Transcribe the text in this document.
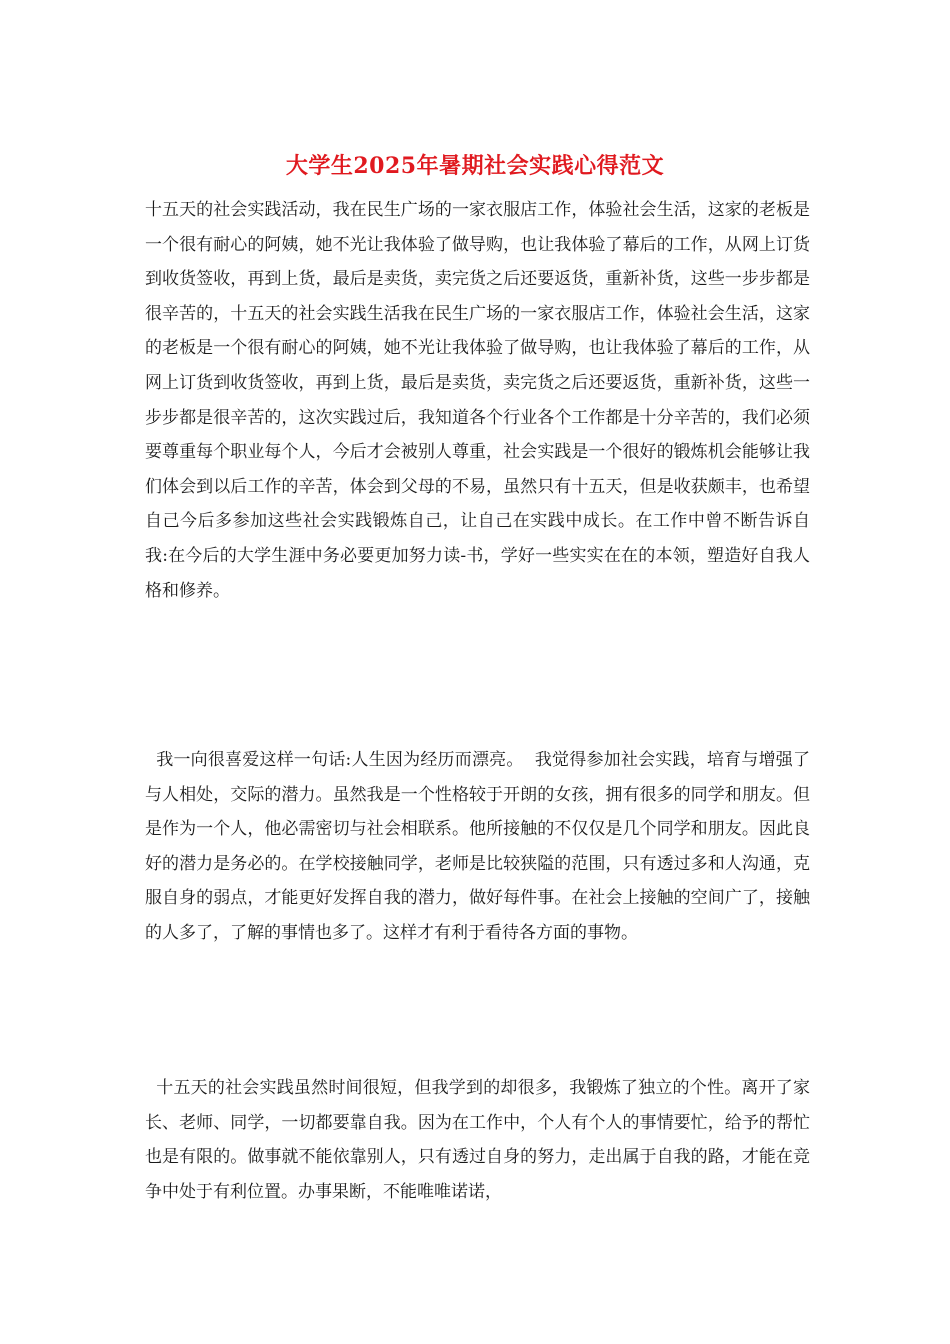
大学生2025年暑期社会实践心得范文

十五天的社会实践活动，我在民生广场的一家衣服店工作，体验社会生活，这家的老板是一个很有耐心的阿姨，她不光让我体验了做导购，也让我体验了幕后的工作，从网上订货到收货签收，再到上货，最后是卖货，卖完货之后还要返货，重新补货，这些一步步都是很辛苦的，十五天的社会实践生活我在民生广场的一家衣服店工作，体验社会生活，这家的老板是一个很有耐心的阿姨，她不光让我体验了做导购，也让我体验了幕后的工作，从网上订货到收货签收，再到上货，最后是卖货，卖完货之后还要返货，重新补货，这些一步步都是很辛苦的，这次实践过后，我知道各个行业各个工作都是十分辛苦的，我们必须要尊重每个职业每个人，今后才会被别人尊重，社会实践是一个很好的锻炼机会能够让我们体会到以后工作的辛苦，体会到父母的不易，虽然只有十五天，但是收获颇丰，也希望自己今后多参加这些社会实践锻炼自己，让自己在实践中成长。在工作中曾不断告诉自我:在今后的大学生涯中务必要更加努力读-书，学好一些实实在在的本领，塑造好自我人格和修养。

我一向很喜爱这样一句话:人生因为经历而漂亮。  我觉得参加社会实践，培育与增强了与人相处，交际的潜力。虽然我是一个性格较于开朗的女孩，拥有很多的同学和朋友。但是作为一个人，他必需密切与社会相联系。他所接触的不仅仅是几个同学和朋友。因此良好的潜力是务必的。在学校接触同学，老师是比较狭隘的范围，只有透过多和人沟通，克服自身的弱点，才能更好发挥自我的潜力，做好每件事。在社会上接触的空间广了，接触的人多了，了解的事情也多了。这样才有利于看待各方面的事物。

十五天的社会实践虽然时间很短，但我学到的却很多，我锻炼了独立的个性。离开了家长、老师、同学，一切都要靠自我。因为在工作中，个人有个人的事情要忙，给予的帮忙也是有限的。做事就不能依靠别人，只有透过自身的努力，走出属于自我的路，才能在竞争中处于有利位置。办事果断，不能唯唯诺诺，
